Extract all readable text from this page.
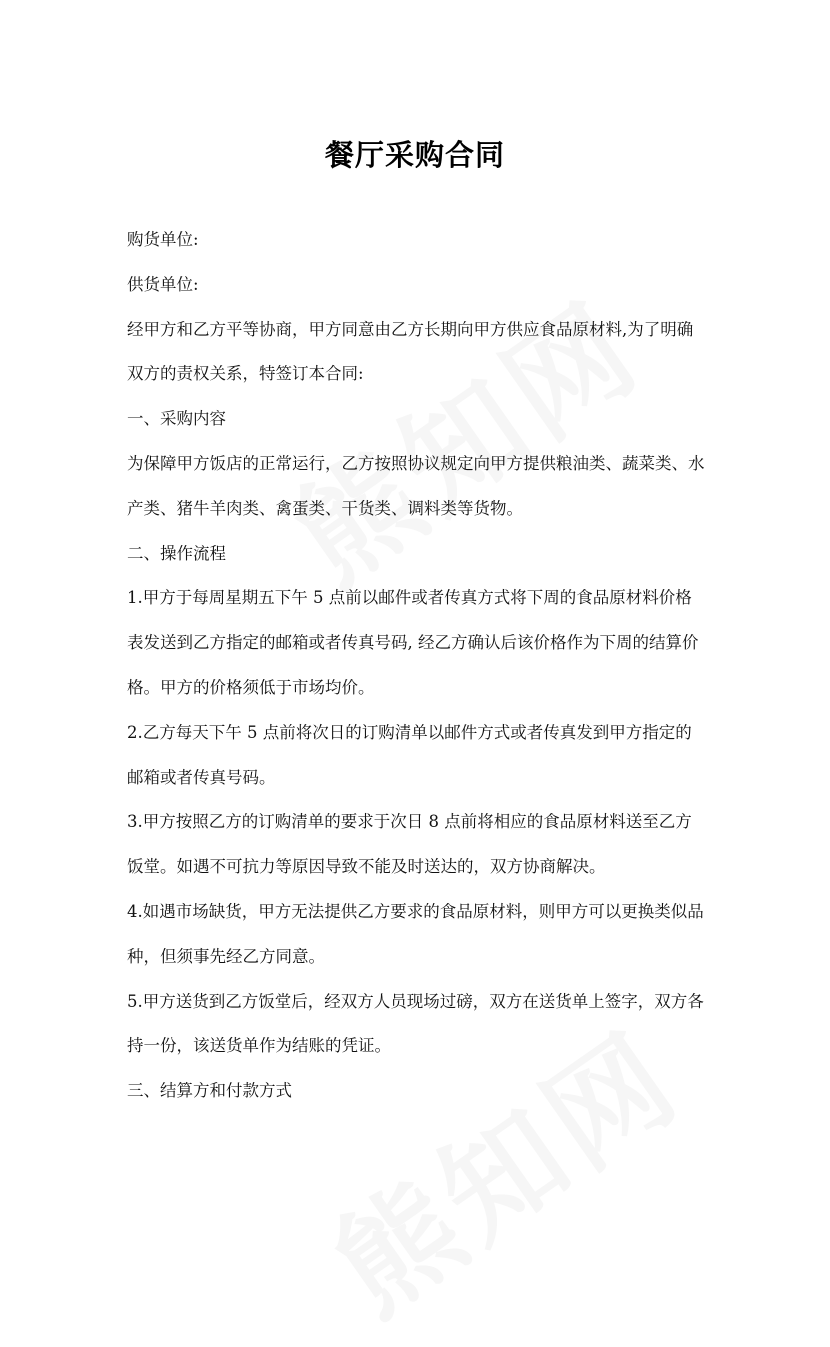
餐厅采购合同

购货单位:

供货单位:

经甲方和乙方平等协商，甲方同意由乙方长期向甲方供应食品原材料,为了明确双方的责权关系，特签订本合同:

一、采购内容

为保障甲方饭店的正常运行，乙方按照协议规定向甲方提供粮油类、蔬菜类、水产类、猪牛羊肉类、禽蛋类、干货类、调料类等货物。

二、操作流程

1.甲方于每周星期五下午 5 点前以邮件或者传真方式将下周的食品原材料价格表发送到乙方指定的邮箱或者传真号码, 经乙方确认后该价格作为下周的结算价格。甲方的价格须低于市场均价。

2.乙方每天下午 5 点前将次日的订购清单以邮件方式或者传真发到甲方指定的邮箱或者传真号码。

3.甲方按照乙方的订购清单的要求于次日 8 点前将相应的食品原材料送至乙方饭堂。如遇不可抗力等原因导致不能及时送达的，双方协商解决。

4.如遇市场缺货，甲方无法提供乙方要求的食品原材料，则甲方可以更换类似品种，但须事先经乙方同意。

5.甲方送货到乙方饭堂后，经双方人员现场过磅，双方在送货单上签字，双方各持一份，该送货单作为结账的凭证。

三、结算方和付款方式
